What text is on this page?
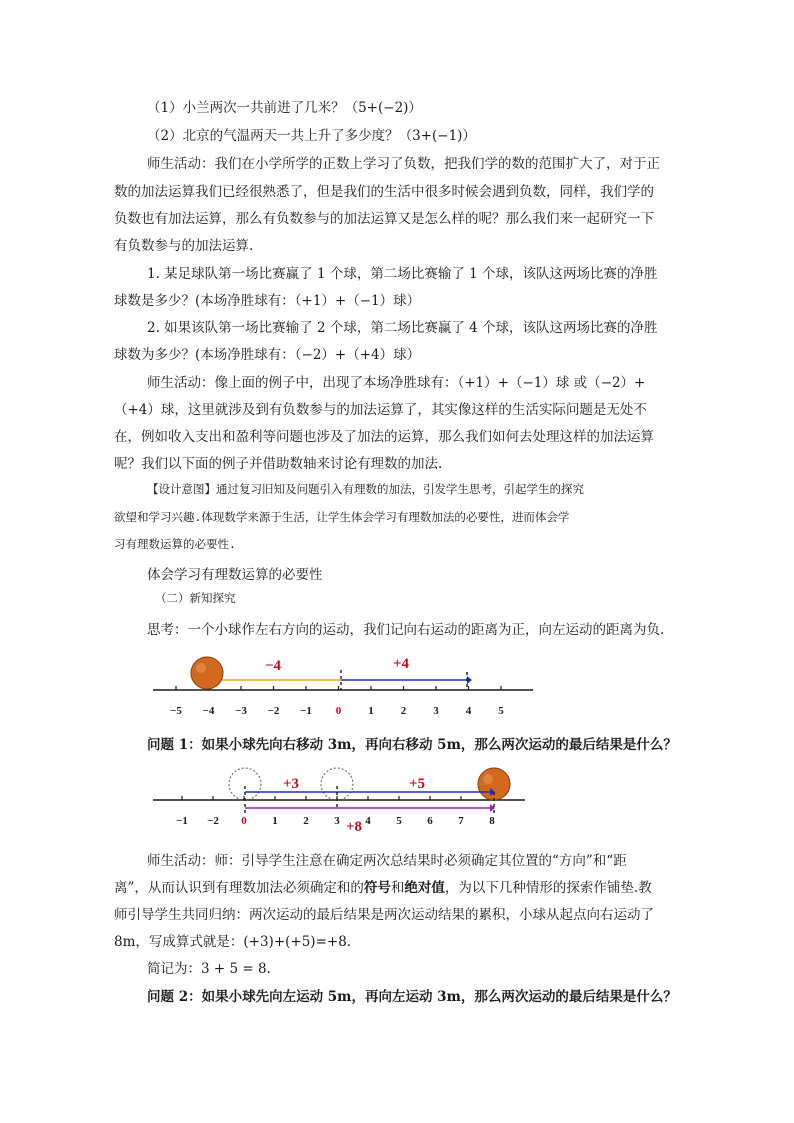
（1）小兰两次一共前进了几米？（5+(−2)）
（2）北京的气温两天一共上升了多少度？（3+(−1)）
师生活动：我们在小学所学的正数上学习了负数，把我们学的数的范围扩大了，对于正
数的加法运算我们已经很熟悉了，但是我们的生活中很多时候会遇到负数，同样，我们学的
负数也有加法运算，那么有负数参与的加法运算又是怎么样的呢？那么我们来一起研究一下
有负数参与的加法运算.
1. 某足球队第一场比赛赢了 1 个球，第二场比赛输了 1 个球，该队这两场比赛的净胜
球数是多少？(本场净胜球有：（+1）+（−1）球）
2. 如果该队第一场比赛输了 2 个球，第二场比赛赢了 4 个球，该队这两场比赛的净胜
球数为多少？(本场净胜球有：（−2）+（+4）球）
师生活动：像上面的例子中，出现了本场净胜球有：（+1）+（−1）球 或（−2）+
（+4）球，这里就涉及到有负数参与的加法运算了，其实像这样的生活实际问题是无处不
在，例如收入支出和盈利等问题也涉及了加法的运算，那么我们如何去处理这样的加法运算
呢？我们以下面的例子并借助数轴来讨论有理数的加法.
【设计意图】通过复习旧知及问题引入有理数的加法，引发学生思考，引起学生的探究
欲望和学习兴趣.体现数学来源于生活，让学生体会学习有理数加法的必要性，进而体会学
习有理数运算的必要性.
体会学习有理数运算的必要性
（二）新知探究
思考：一个小球作左右方向的运动，我们记向右运动的距离为正，向左运动的距离为负.
−5 −4 −3 −2 −1 0 1 2 3 4 5
−4	+4
问题 1：如果小球先向右移动 3m，再向右移动 5m，那么两次运动的最后结果是什么？
−1 −2 0 1 2 3 4 5 6 7 8
+3	+5
+8
师生活动：师：引导学生注意在确定两次总结果时必须确定其位置的“方向”和“距
离”，从而认识到有理数加法必须确定和的符号和绝对值，为以下几种情形的探索作铺垫.教
师引导学生共同归纳：两次运动的最后结果是两次运动结果的累积，小球从起点向右运动了
8m，写成算式就是：(+3)+(+5)=+8.
简记为：3 + 5 = 8.
问题 2：如果小球先向左运动 5m，再向左运动 3m，那么两次运动的最后结果是什么？
